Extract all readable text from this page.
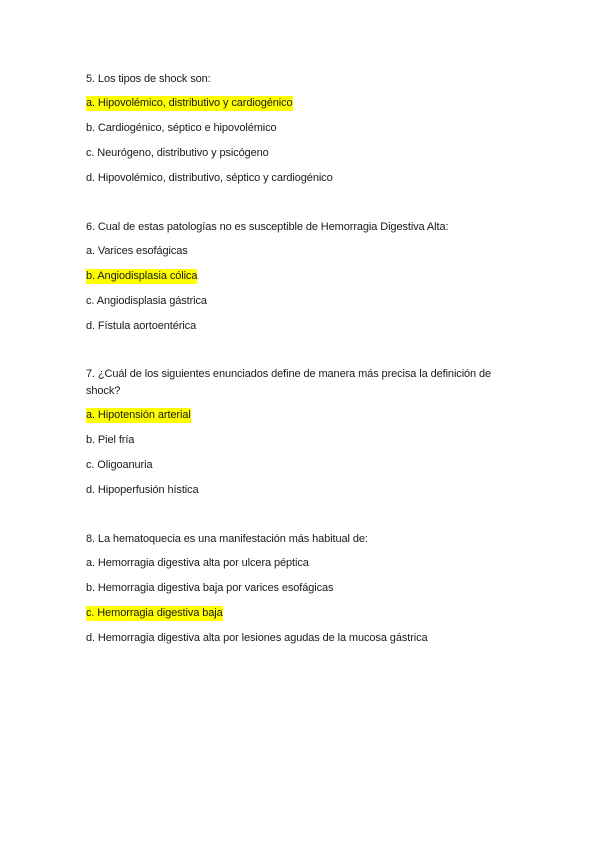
5. Los tipos de shock son:

a. Hipovolémico, distributivo y cardiogénico

b. Cardiogénico, séptico e hipovolémico

c. Neurógeno, distributivo y psicógeno

d. Hipovolémico, distributivo, séptico y cardiogénico

6. Cual de estas patologías no es susceptible de Hemorragia Digestiva Alta:

a. Varices esofágicas

b. Angiodisplasia cólica

c. Angiodisplasia gástrica

d. Fístula aortoentérica

7. ¿Cuál de los siguientes enunciados define de manera más precisa la definición de shock?

a. Hipotensión arterial

b. Piel fría

c. Oligoanuria

d. Hipoperfusión hística

8. La hematoquecia es una manifestación más habitual de:

a. Hemorragia digestiva alta por ulcera péptica

b. Hemorragia digestiva baja por varices esofágicas

c. Hemorragia digestiva baja

d. Hemorragia digestiva alta por lesiones agudas de la mucosa gástrica
